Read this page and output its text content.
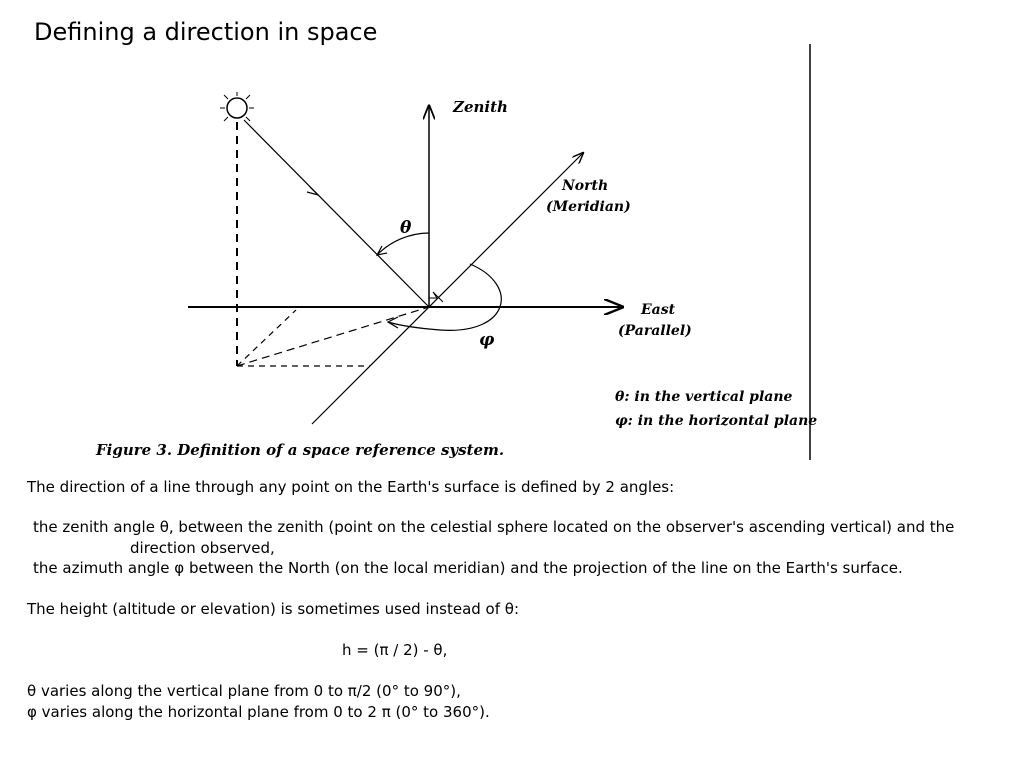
Defining a direction in space
Zenith
North
(Meridian)
East
(Parallel)
θ
φ
θ: in the vertical plane
φ: in the horizontal plane
Figure 3. Definition of a space reference system.
The direction of a line through any point on the Earth's surface is defined by 2 angles:
the zenith angle θ, between the zenith (point on the celestial sphere located on the observer's ascending vertical) and the
direction observed,
the azimuth angle φ between the North (on the local meridian) and the projection of the line on the Earth's surface.
The height (altitude or elevation) is sometimes used instead of θ:
h = (π / 2) - θ,
θ varies along the vertical plane from 0 to π/2 (0° to 90°),
φ varies along the horizontal plane from 0 to 2 π (0° to 360°).
